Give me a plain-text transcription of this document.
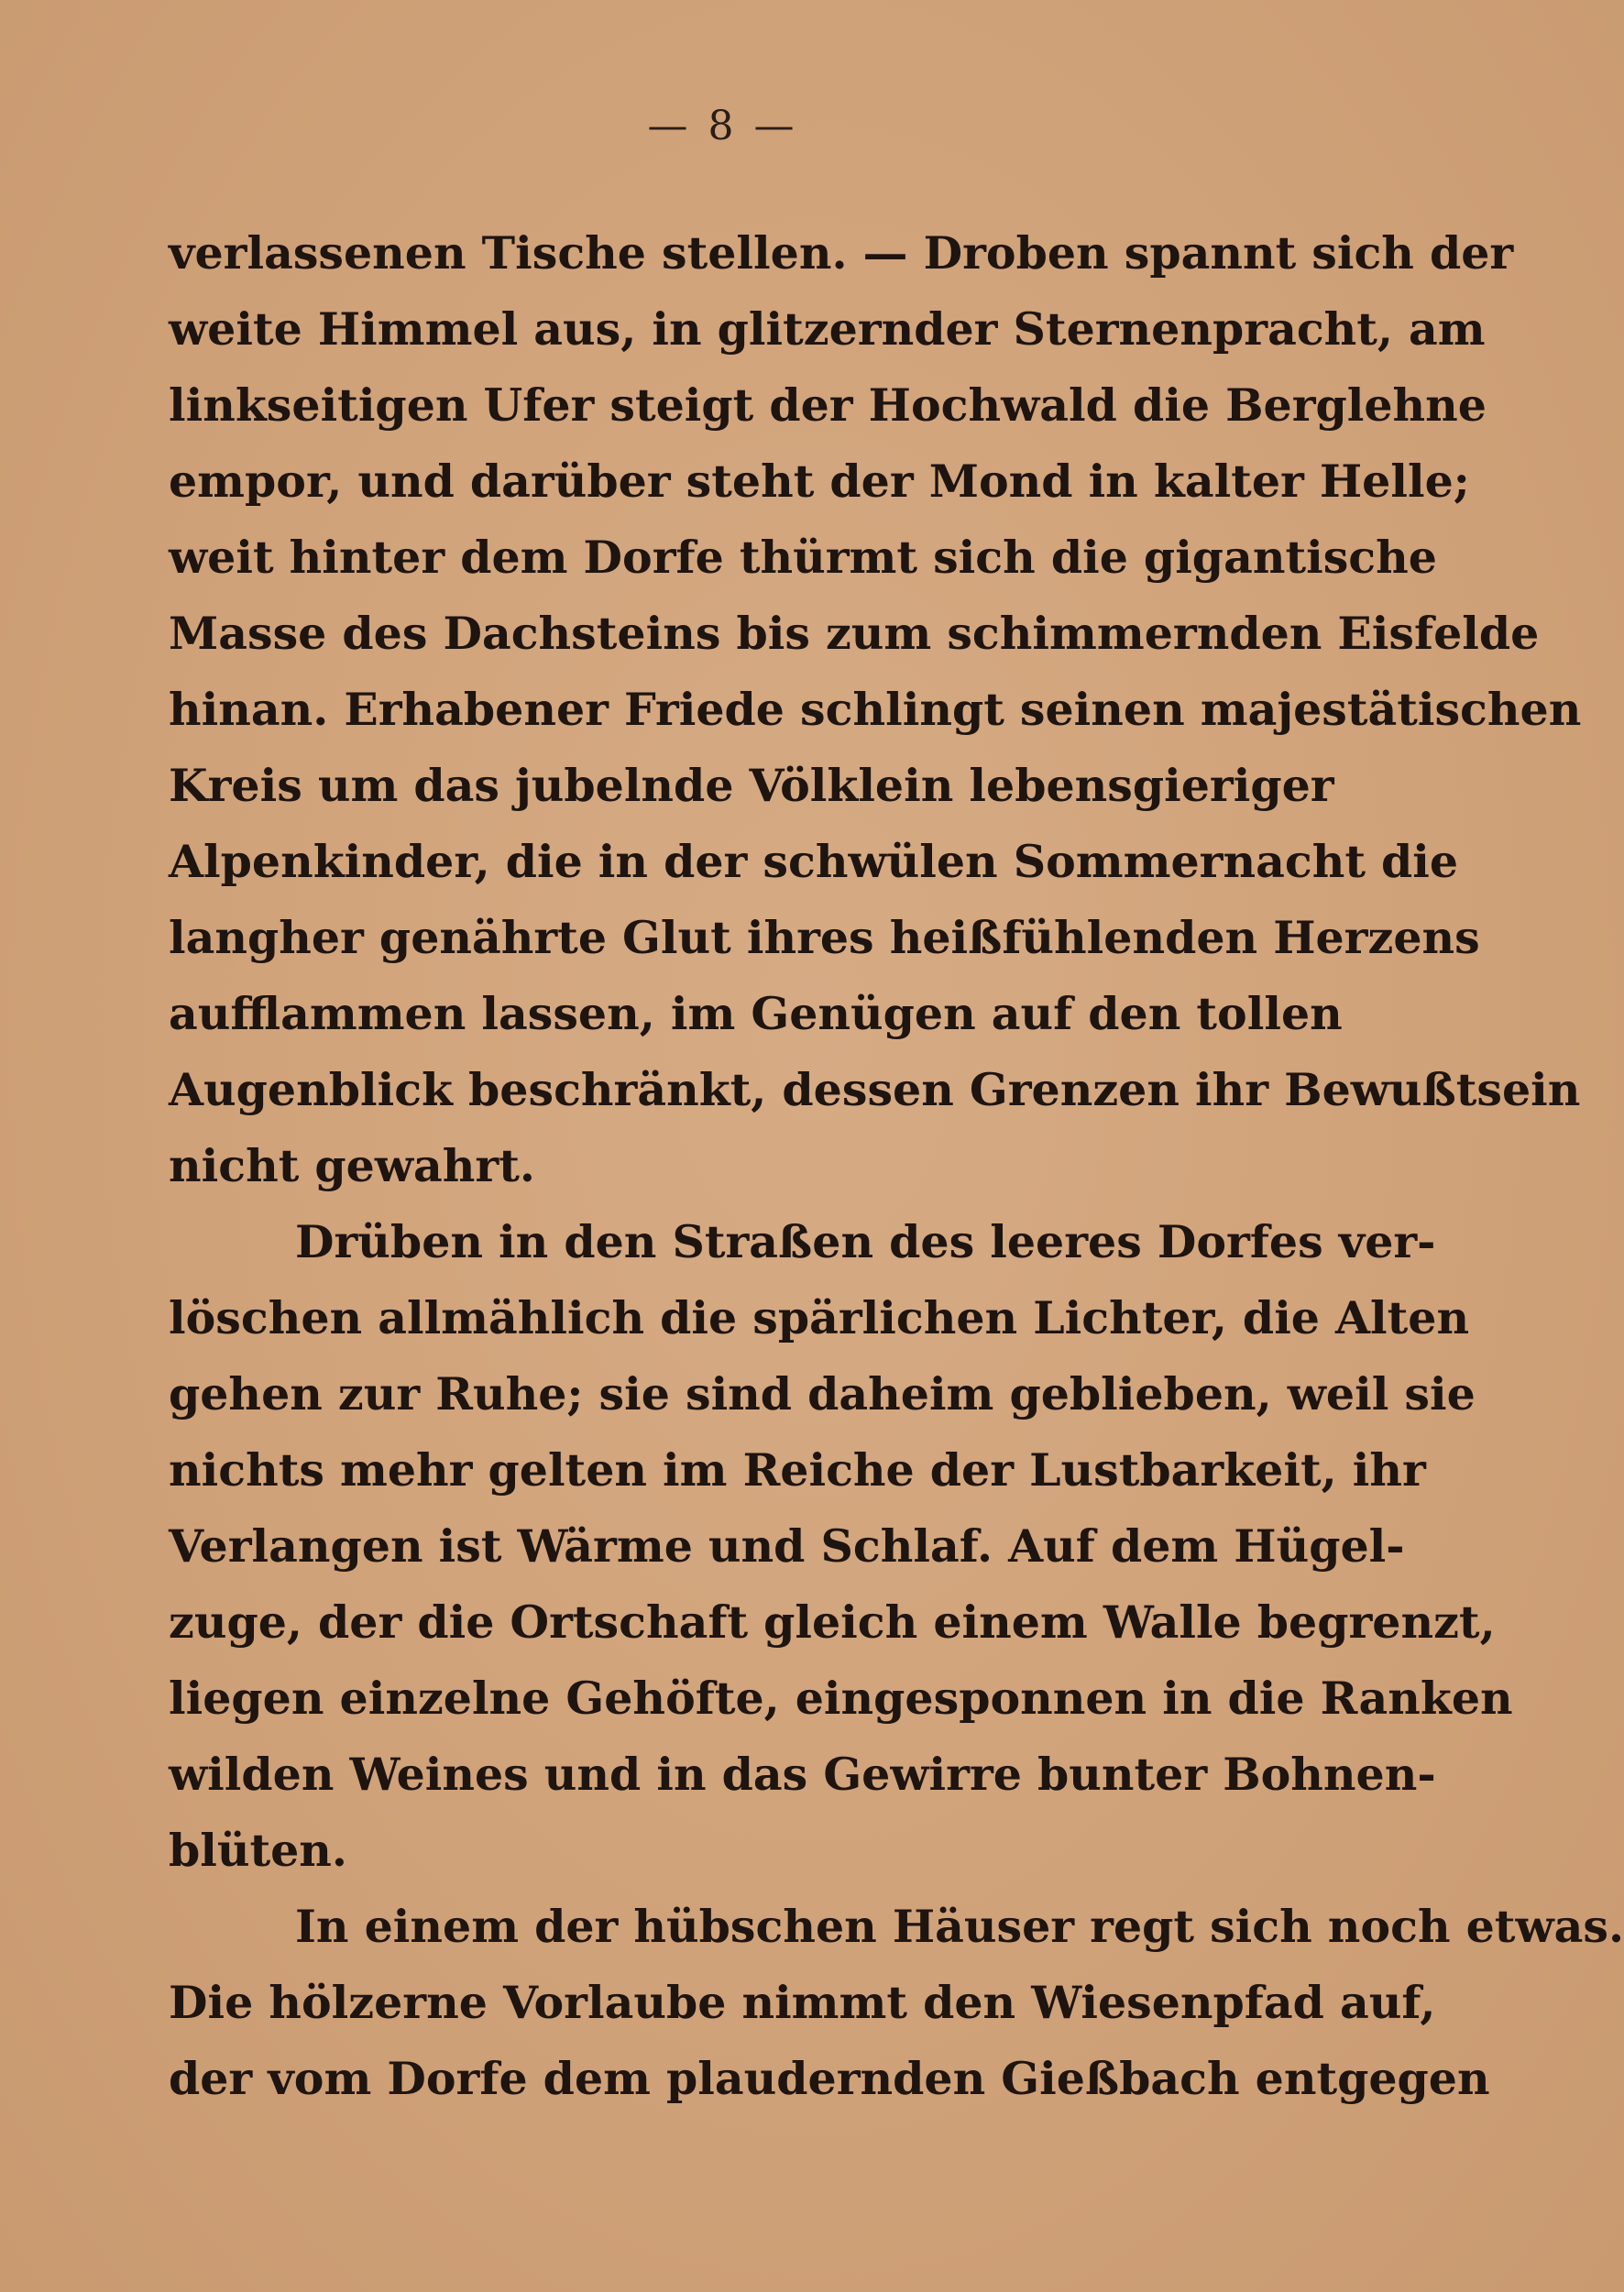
— 8 —
verlassenen Tische stellen. — Droben spannt sich der
weite Himmel aus, in glitzernder Sternenpracht, am
linkseitigen Ufer steigt der Hochwald die Berglehne
empor, und darüber steht der Mond in kalter Helle;
weit hinter dem Dorfe thürmt sich die gigantische
Masse des Dachsteins bis zum schimmernden Eisfelde
hinan. Erhabener Friede schlingt seinen majestätischen
Kreis um das jubelnde Völklein lebensgieriger
Alpenkinder, die in der schwülen Sommernacht die
langher genährte Glut ihres heißfühlenden Herzens
aufflammen lassen, im Genügen auf den tollen
Augenblick beschränkt, dessen Grenzen ihr Bewußtsein
nicht gewahrt.
Drüben in den Straßen des leeres Dorfes ver-
löschen allmählich die spärlichen Lichter, die Alten
gehen zur Ruhe; sie sind daheim geblieben, weil sie
nichts mehr gelten im Reiche der Lustbarkeit, ihr
Verlangen ist Wärme und Schlaf. Auf dem Hügel-
zuge, der die Ortschaft gleich einem Walle begrenzt,
liegen einzelne Gehöfte, eingesponnen in die Ranken
wilden Weines und in das Gewirre bunter Bohnen-
blüten.
In einem der hübschen Häuser regt sich noch etwas.
Die hölzerne Vorlaube nimmt den Wiesenpfad auf,
der vom Dorfe dem plaudernden Gießbach entgegen
